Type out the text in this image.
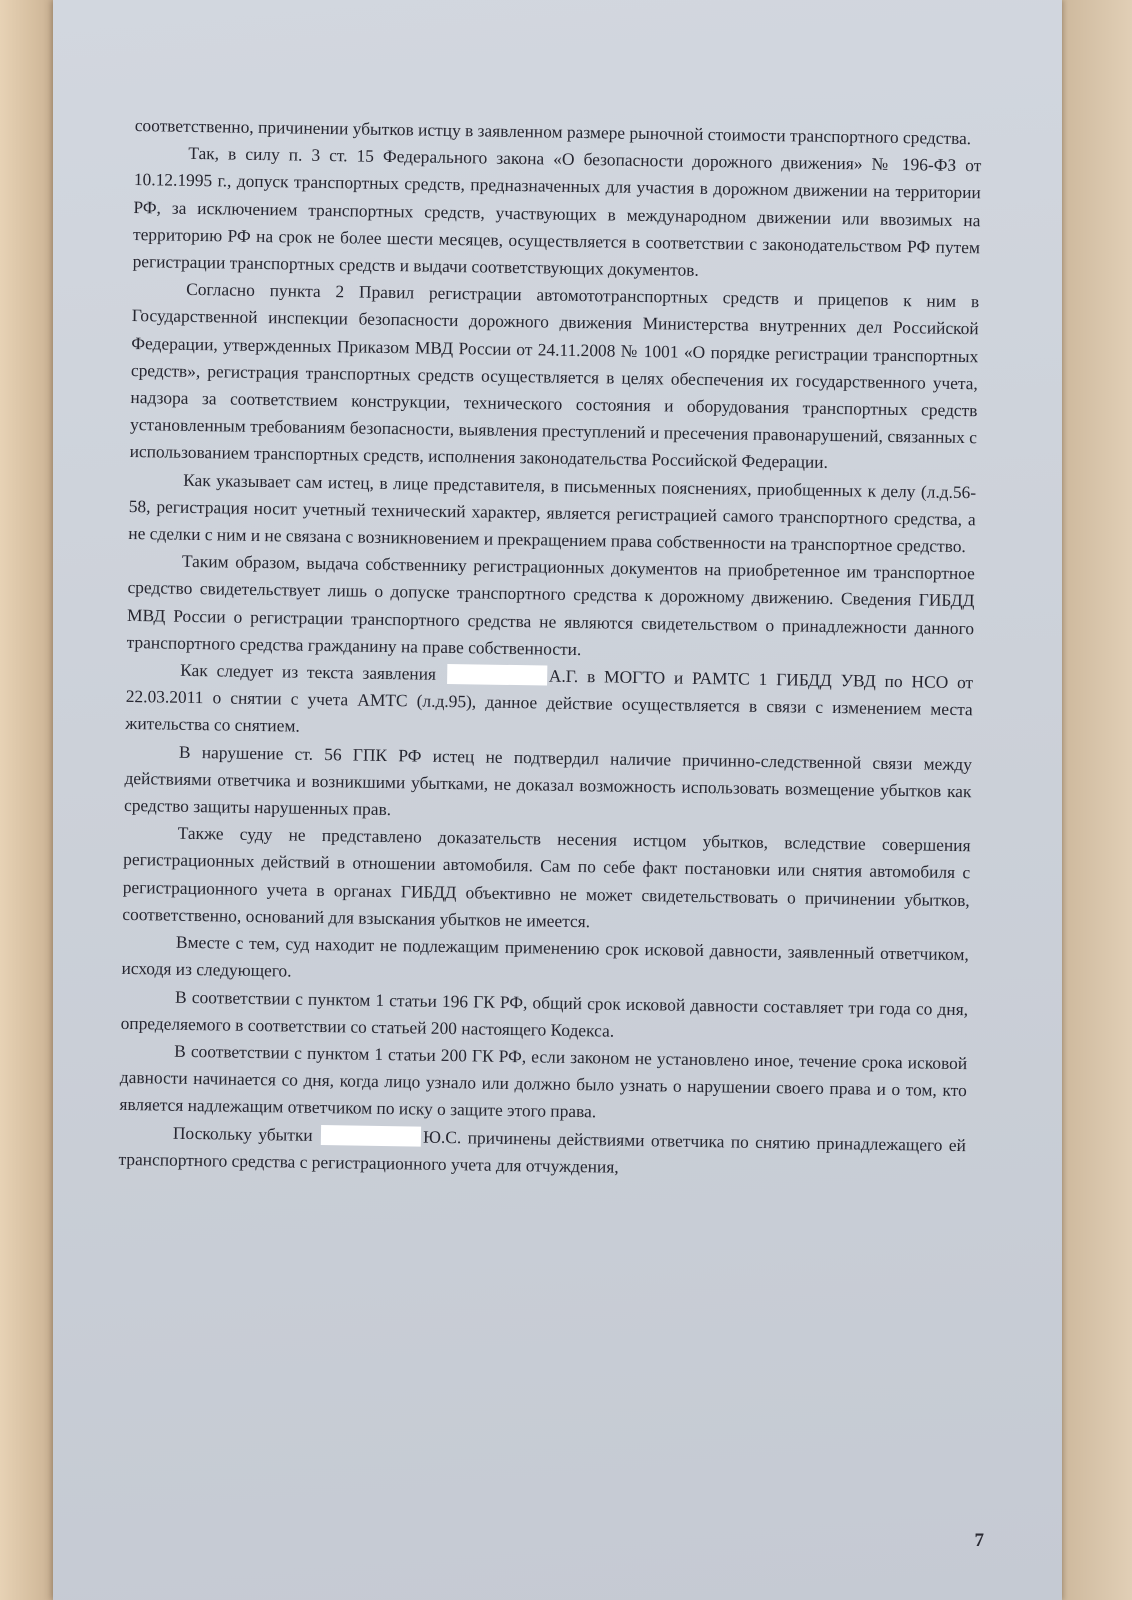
соответственно, причинении убытков истцу в заявленном размере рыночной стоимости транспортного средства.

Так, в силу п. 3 ст. 15 Федерального закона «О безопасности дорожного движения» № 196-ФЗ от 10.12.1995 г., допуск транспортных средств, предназначенных для участия в дорожном движении на территории РФ, за исключением транспортных средств, участвующих в международном движении или ввозимых на территорию РФ на срок не более шести месяцев, осуществляется в соответствии с законодательством РФ путем регистрации транспортных средств и выдачи соответствующих документов.

Согласно пункта 2 Правил регистрации автомототранспортных средств и прицепов к ним в Государственной инспекции безопасности дорожного движения Министерства внутренних дел Российской Федерации, утвержденных Приказом МВД России от 24.11.2008 № 1001 «О порядке регистрации транспортных средств», регистрация транспортных средств осуществляется в целях обеспечения их государственного учета, надзора за соответствием конструкции, технического состояния и оборудования транспортных средств установленным требованиям безопасности, выявления преступлений и пресечения правонарушений, связанных с использованием транспортных средств, исполнения законодательства Российской Федерации.

Как указывает сам истец, в лице представителя, в письменных пояснениях, приобщенных к делу (л.д.56-58, регистрация носит учетный технический характер, является регистрацией самого транспортного средства, а не сделки с ним и не связана с возникновением и прекращением права собственности на транспортное средство.

Таким образом, выдача собственнику регистрационных документов на приобретенное им транспортное средство свидетельствует лишь о допуске транспортного средства к дорожному движению. Сведения ГИБДД МВД России о регистрации транспортного средства не являются свидетельством о принадлежности данного транспортного средства гражданину на праве собственности.

Как следует из текста заявления	А.Г. в МОГТО и РАМТС 1 ГИБДД УВД по НСО от 22.03.2011 о снятии с учета АМТС (л.д.95), данное действие осуществляется в связи с изменением места жительства со снятием.

В нарушение ст. 56 ГПК РФ истец не подтвердил наличие причинно-следственной связи между действиями ответчика и возникшими убытками, не доказал возможность использовать возмещение убытков как средство защиты нарушенных прав.

Также суду не представлено доказательств несения истцом убытков, вследствие совершения регистрационных действий в отношении автомобиля. Сам по себе факт постановки или снятия автомобиля с регистрационного учета в органах ГИБДД объективно не может свидетельствовать о причинении убытков, соответственно, оснований для взыскания убытков не имеется.

Вместе с тем, суд находит не подлежащим применению срок исковой давности, заявленный ответчиком, исходя из следующего.

В соответствии с пунктом 1 статьи 196 ГК РФ, общий срок исковой давности составляет три года со дня, определяемого в соответствии со статьей 200 настоящего Кодекса.

В соответствии с пунктом 1 статьи 200 ГК РФ, если законом не установлено иное, течение срока исковой давности начинается со дня, когда лицо узнало или должно было узнать о нарушении своего права и о том, кто является надлежащим ответчиком по иску о защите этого права.

Поскольку убытки	Ю.С. причинены действиями ответчика по снятию принадлежащего ей транспортного средства с регистрационного учета для отчуждения,

7
